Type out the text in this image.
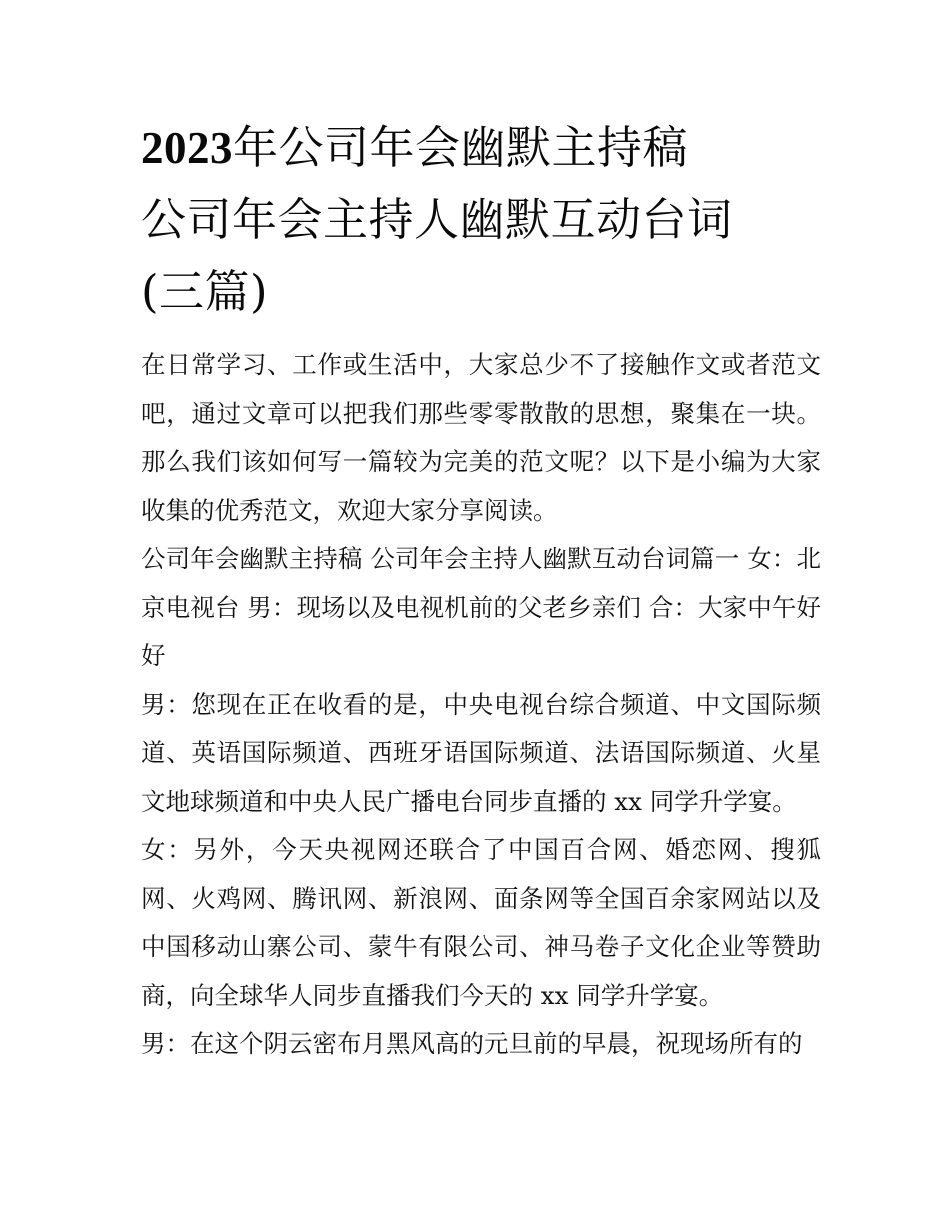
2023年公司年会幽默主持稿
公司年会主持人幽默互动台词
(三篇)

在日常学习、工作或生活中，大家总少不了接触作文或者范文吧，通过文章可以把我们那些零零散散的思想，聚集在一块。那么我们该如何写一篇较为完美的范文呢？以下是小编为大家收集的优秀范文，欢迎大家分享阅读。

公司年会幽默主持稿 公司年会主持人幽默互动台词篇一 女：北京电视台 男：现场以及电视机前的父老乡亲们 合：大家中午好好

男：您现在正在收看的是，中央电视台综合频道、中文国际频道、英语国际频道、西班牙语国际频道、法语国际频道、火星文地球频道和中央人民广播电台同步直播的 xx 同学升学宴。

女：另外，今天央视网还联合了中国百合网、婚恋网、搜狐网、火鸡网、腾讯网、新浪网、面条网等全国百余家网站以及中国移动山寨公司、蒙牛有限公司、神马卷子文化企业等赞助商，向全球华人同步直播我们今天的 xx 同学升学宴。

男：在这个阴云密布月黑风高的元旦前的早晨，祝现场所有的
